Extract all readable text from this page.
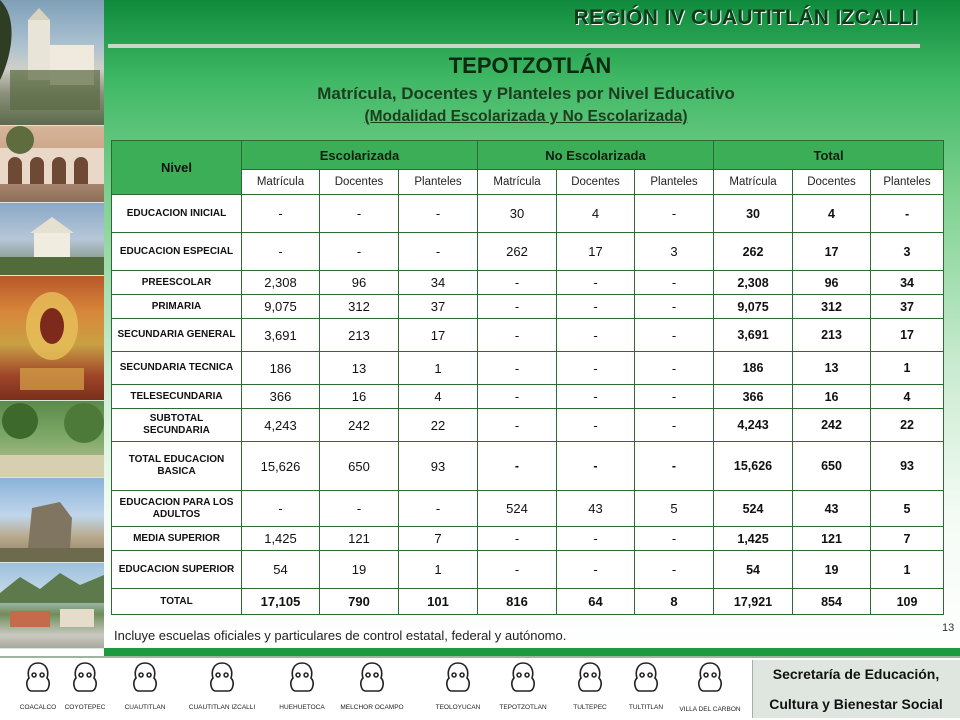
REGIÓN IV CUAUTITLÁN IZCALLI
TEPOTZOTLÁN
Matrícula, Docentes y Planteles por Nivel Educativo
(Modalidad Escolarizada y No Escolarizada)
Nivel	Escolarizada			No Escolarizada			Total		
	Matrícula	Docentes	Planteles	Matrícula	Docentes	Planteles	Matrícula	Docentes	Planteles
EDUCACION INICIAL	-	-	-	30	4	-	30	4	-
EDUCACION ESPECIAL	-	-	-	262	17	3	262	17	3
PREESCOLAR	2,308	96	34	-	-	-	2,308	96	34
PRIMARIA	9,075	312	37	-	-	-	9,075	312	37
SECUNDARIA GENERAL	3,691	213	17	-	-	-	3,691	213	17
SECUNDARIA TECNICA	186	13	1	-	-	-	186	13	1
TELESECUNDARIA	366	16	4	-	-	-	366	16	4
SUBTOTAL SECUNDARIA	4,243	242	22	-	-	-	4,243	242	22
TOTAL EDUCACION BASICA	15,626	650	93	-	-	-	15,626	650	93
EDUCACION PARA LOS ADULTOS	-	-	-	524	43	5	524	43	5
MEDIA SUPERIOR	1,425	121	7	-	-	-	1,425	121	7
EDUCACION SUPERIOR	54	19	1	-	-	-	54	19	1
TOTAL	17,105	790	101	816	64	8	17,921	854	109
Incluye escuelas oficiales y particulares de control estatal, federal y autónomo.	13
COACALCO	COYOTEPEC	CUAUTITLAN	CUAUTITLAN IZCALLI	HUEHUETOCA	MELCHOR OCAMPO	TEOLOYUCAN	TEPOTZOTLAN	TULTEPEC	TULTITLAN	VILLA DEL CARBON
Secretaría de Educación,
Cultura y Bienestar Social
